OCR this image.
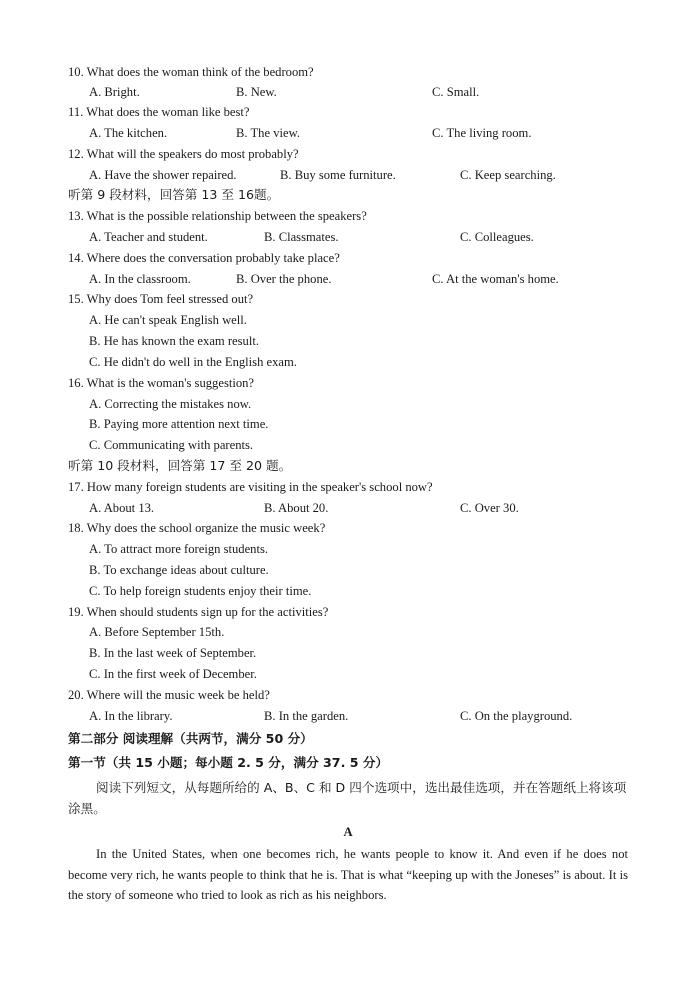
10. What does the woman think of the bedroom?
A. Bright.	B. New.	C. Small.
11. What does the woman like best?
A. The kitchen.	B. The view.	C. The living room.
12. What will the speakers do most probably?
A. Have the shower repaired.	B. Buy some furniture.	C. Keep searching.
听第 9 段材料，回答第 13 至 16题。
13. What is the possible relationship between the speakers?
A. Teacher and student.	B. Classmates.	C. Colleagues.
14. Where does the conversation probably take place?
A. In the classroom.	B. Over the phone.	C. At the woman's home.
15. Why does Tom feel stressed out?
A. He can't speak English well.
B. He has known the exam result.
C. He didn't do well in the English exam.
16. What is the woman's suggestion?
A. Correcting the mistakes now.
B. Paying more attention next time.
C. Communicating with parents.
听第 10 段材料，回答第 17 至 20 题。
17. How many foreign students are visiting in the speaker's school now?
A. About 13.	B. About 20.	C. Over 30.
18. Why does the school organize the music week?
A. To attract more foreign students.
B. To exchange ideas about culture.
C. To help foreign students enjoy their time.
19. When should students sign up for the activities?
A. Before September 15th.
B. In the last week of September.
C. In the first week of December.
20. Where will the music week be held?
A. In the library.	B. In the garden.	C. On the playground.
第二部分 阅读理解（共两节，满分 50 分）
第一节（共 15 小题；每小题 2. 5 分，满分 37. 5 分）
阅读下列短文，从每题所给的 A、B、C 和 D 四个选项中，选出最佳选项，并在答题纸上将该项涂黑。
A
In the United States, when one becomes rich, he wants people to know it. And even if he does not become very rich, he wants people to think that he is. That is what “keeping up with the Joneses” is about. It is the story of someone who tried to look as rich as his neighbors.
